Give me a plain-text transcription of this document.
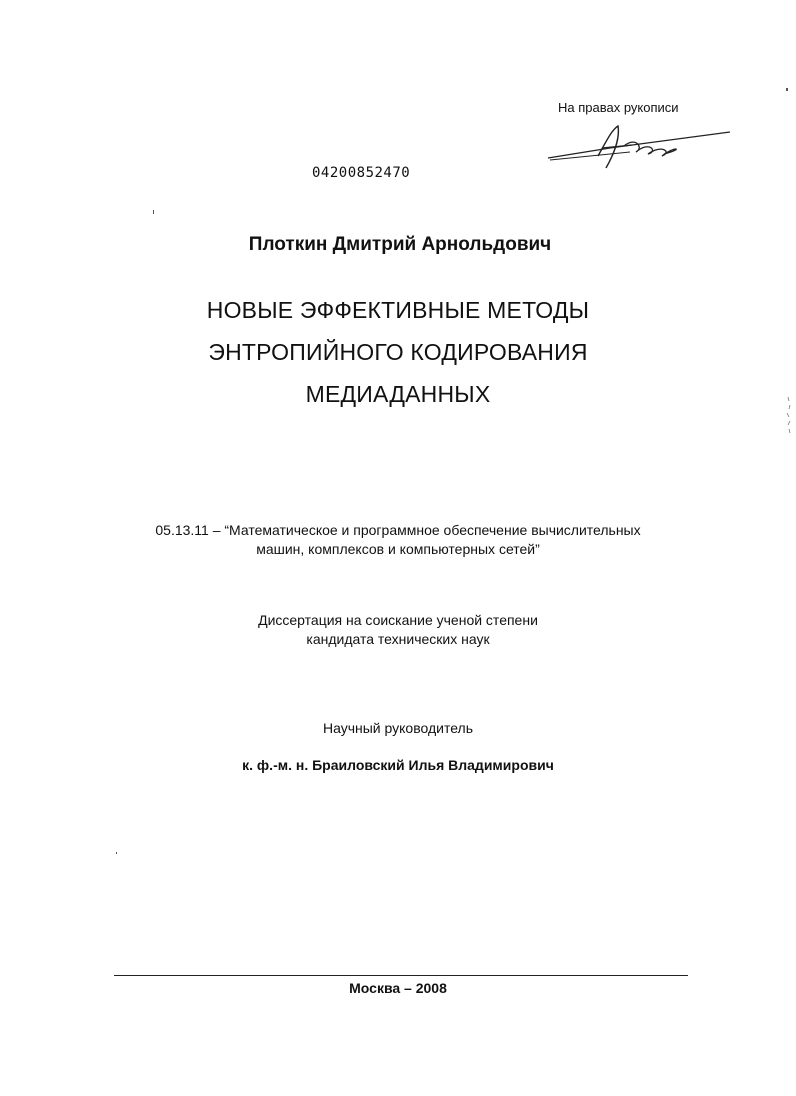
На правах рукописи
04200852470
Плоткин Дмитрий Арнольдович
НОВЫЕ ЭФФЕКТИВНЫЕ МЕТОДЫ
ЭНТРОПИЙНОГО КОДИРОВАНИЯ
МЕДИАДАННЫХ
05.13.11 – “Математическое и программное обеспечение вычислительных
машин, комплексов и компьютерных сетей”
Диссертация на соискание ученой степени
кандидата технических наук
Научный руководитель
к. ф.-м. н. Браиловский Илья Владимирович
Москва – 2008
